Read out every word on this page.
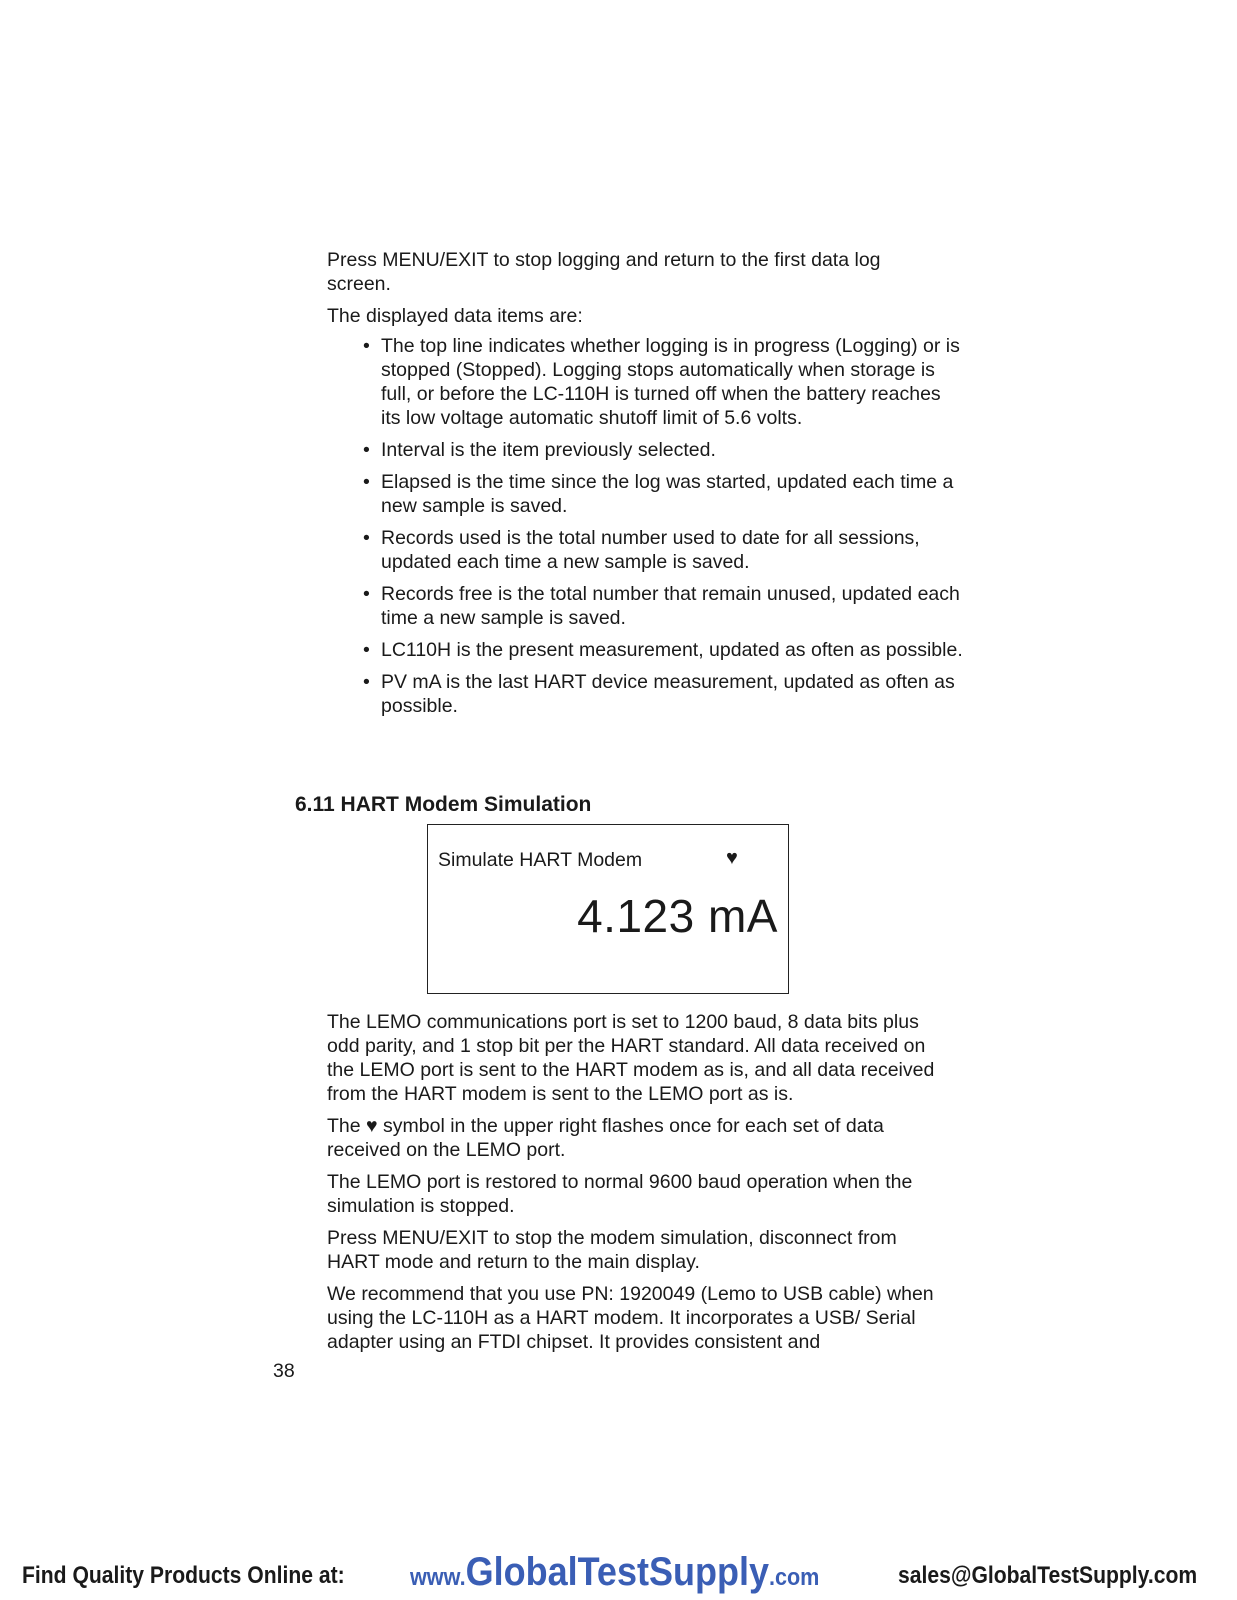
Press MENU/EXIT to stop logging and return to the first data log screen.

The displayed data items are:

• The top line indicates whether logging is in progress (Logging) or is stopped (Stopped). Logging stops automatically when storage is full, or before the LC-110H is turned off when the battery reaches its low voltage automatic shutoff limit of 5.6 volts.
• Interval is the item previously selected.
• Elapsed is the time since the log was started, updated each time a new sample is saved.
• Records used is the total number used to date for all sessions, updated each time a new sample is saved.
• Records free is the total number that remain unused, updated each time a new sample is saved.
• LC110H is the present measurement, updated as often as possible.
• PV mA is the last HART device measurement, updated as often as possible.
6.11 HART Modem Simulation
Simulate HART Modem	♥
4.123 mA

The LEMO communications port is set to 1200 baud, 8 data bits plus odd parity, and 1 stop bit per the HART standard. All data received on the LEMO port is sent to the HART modem as is, and all data received from the HART modem is sent to the LEMO port as is.

The ♥ symbol in the upper right flashes once for each set of data received on the LEMO port.

The LEMO port is restored to normal 9600 baud operation when the simulation is stopped.

Press MENU/EXIT to stop the modem simulation, disconnect from HART mode and return to the main display.

We recommend that you use PN: 1920049 (Lemo to USB cable) when using the LC-110H as a HART modem. It incorporates a USB/ Serial adapter using an FTDI chipset. It provides consistent and

38
Find Quality Products Online at:	www.GlobalTestSupply.com	sales@GlobalTestSupply.com
